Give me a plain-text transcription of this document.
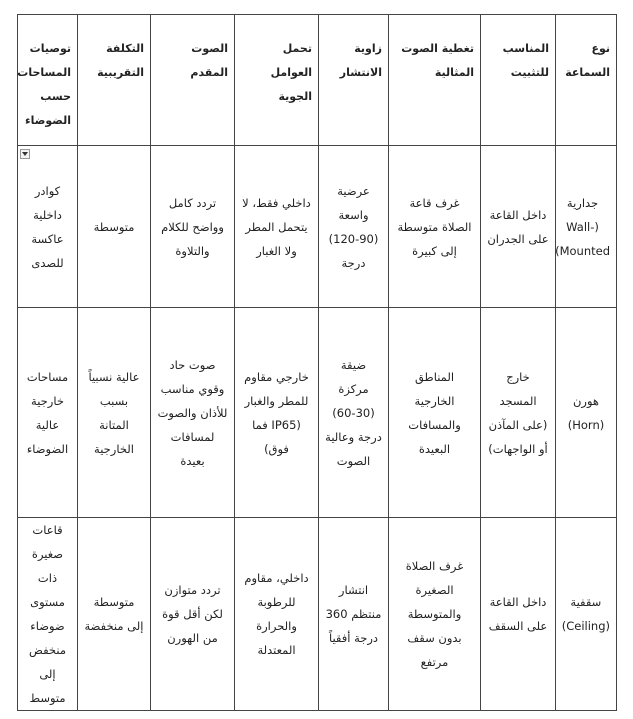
نوع السماعة	المناسب للتثبيت	تغطية الصوت المثالية	زاوية الانتشار	تحمل العوامل الجوية	الصوت المقدم	التكلفة التقريبية	توصيات المساحات حسب الضوضاء
جدارية (Wall-Mounted)	داخل القاعة على الجدران	غرف قاعة الصلاة متوسطة إلى كبيرة	عرضية واسعة (90-120) درجة	داخلي فقط، لا يتحمل المطر ولا الغبار	تردد كامل وواضح للكلام والتلاوة	متوسطة	كوادر داخلية عاكسة للصدى
هورن (Horn)	خارج المسجد (على المآذن أو الواجهات)	المناطق الخارجية والمسافات البعيدة	ضيقة مركزة (30-60) درجة وعالية الصوت	خارجي مقاوم للمطر والغبار (IP65 فما فوق)	صوت حاد وقوي مناسب للأذان والصوت لمسافات بعيدة	عالية نسبياً بسبب المتانة الخارجية	مساحات خارجية عالية الضوضاء
سقفية (Ceiling)	داخل القاعة على السقف	غرف الصلاة الصغيرة والمتوسطة بدون سقف مرتفع	انتشار منتظم 360 درجة أفقياً	داخلي، مقاوم للرطوبة والحرارة المعتدلة	تردد متوازن لكن أقل قوة من الهورن	متوسطة إلى منخفضة	قاعات صغيرة ذات مستوى ضوضاء منخفض إلى متوسط
